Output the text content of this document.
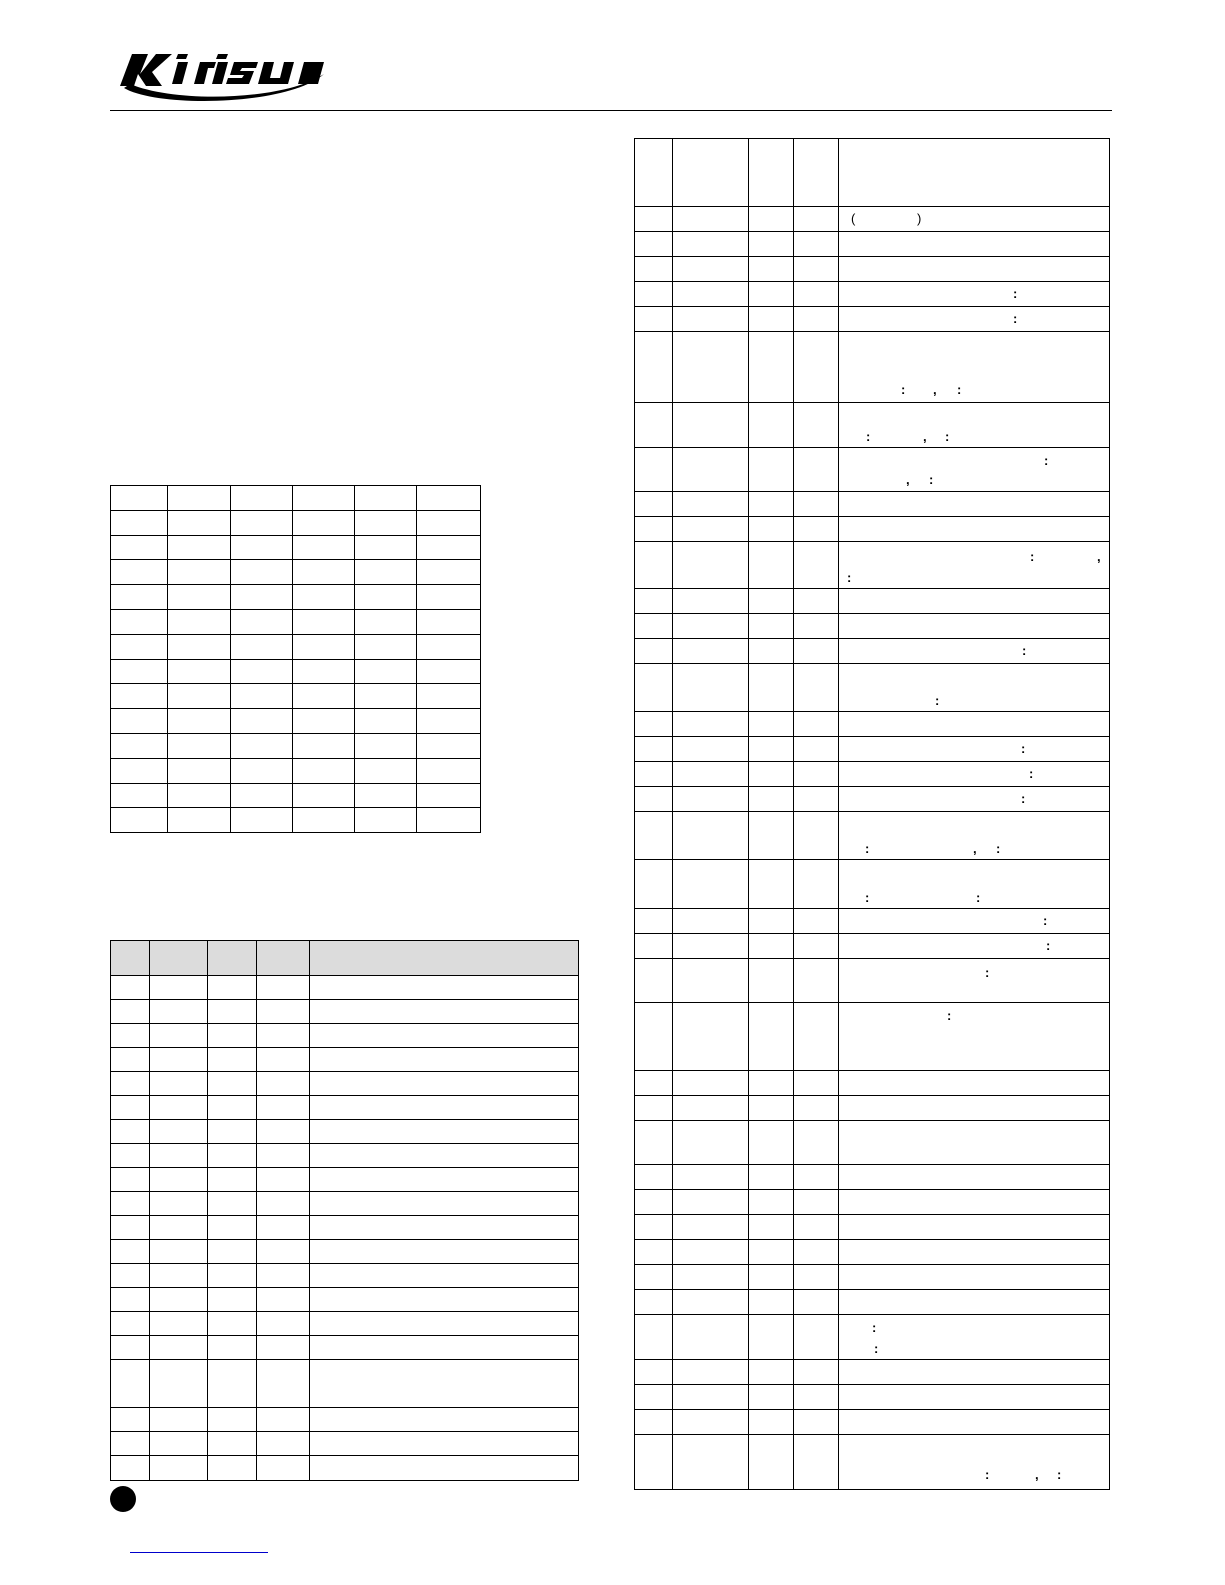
				( )

				:

				:

				: , :

				: , :

				:
, :

				: ,
:

				:

				:

				:

				:

				:

				: , :

				: :

				:

				:

				:

				:

				:
:

				: , :
